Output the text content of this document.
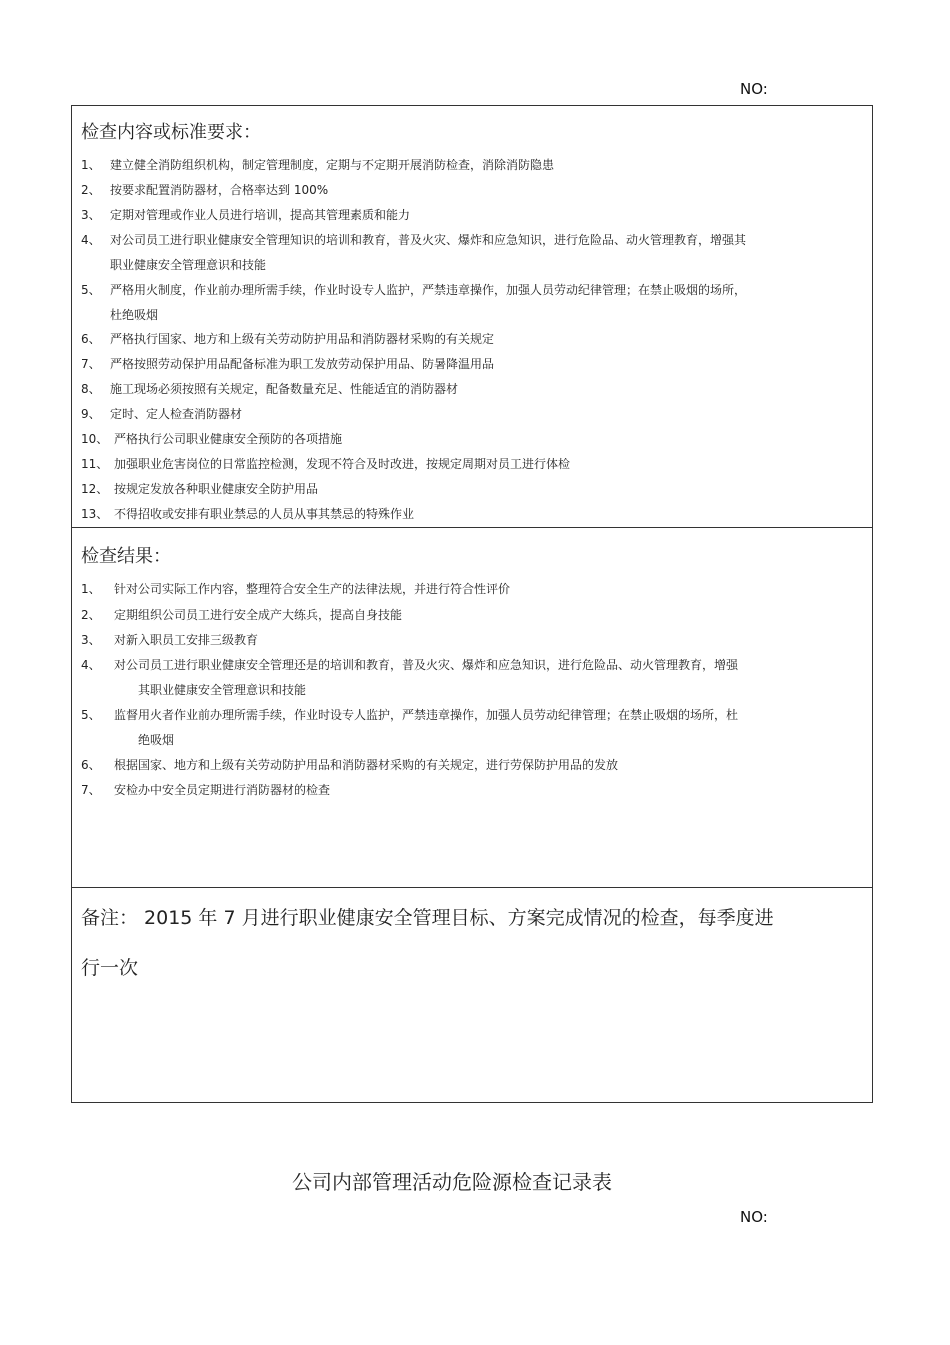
NO:
检查内容或标准要求：
1、 建立健全消防组织机构，制定管理制度，定期与不定期开展消防检查，消除消防隐患
2、 按要求配置消防器材，合格率达到 100%
3、 定期对管理或作业人员进行培训，提高其管理素质和能力
4、 对公司员工进行职业健康安全管理知识的培训和教育，普及火灾、爆炸和应急知识，进行危险品、动火管理教育，增强其
职业健康安全管理意识和技能
5、 严格用火制度，作业前办理所需手续，作业时设专人监护，严禁违章操作，加强人员劳动纪律管理；在禁止吸烟的场所，
杜绝吸烟
6、 严格执行国家、地方和上级有关劳动防护用品和消防器材采购的有关规定
7、 严格按照劳动保护用品配备标准为职工发放劳动保护用品、防暑降温用品
8、 施工现场必须按照有关规定，配备数量充足、性能适宜的消防器材
9、 定时、定人检查消防器材
10、 严格执行公司职业健康安全预防的各项措施
11、 加强职业危害岗位的日常监控检测，发现不符合及时改进，按规定周期对员工进行体检
12、 按规定发放各种职业健康安全防护用品
13、 不得招收或安排有职业禁忌的人员从事其禁忌的特殊作业
检查结果：
1、 针对公司实际工作内容，整理符合安全生产的法律法规，并进行符合性评价
2、 定期组织公司员工进行安全成产大练兵，提高自身技能
3、 对新入职员工安排三级教育
4、 对公司员工进行职业健康安全管理还是的培训和教育，普及火灾、爆炸和应急知识，进行危险品、动火管理教育，增强
其职业健康安全管理意识和技能
5、 监督用火者作业前办理所需手续，作业时设专人监护，严禁违章操作，加强人员劳动纪律管理；在禁止吸烟的场所，杜
绝吸烟
6、 根据国家、地方和上级有关劳动防护用品和消防器材采购的有关规定，进行劳保防护用品的发放
7、 安检办中安全员定期进行消防器材的检查
备注： 2015 年 7 月进行职业健康安全管理目标、方案完成情况的检查，每季度进
行一次
公司内部管理活动危险源检查记录表
NO:
